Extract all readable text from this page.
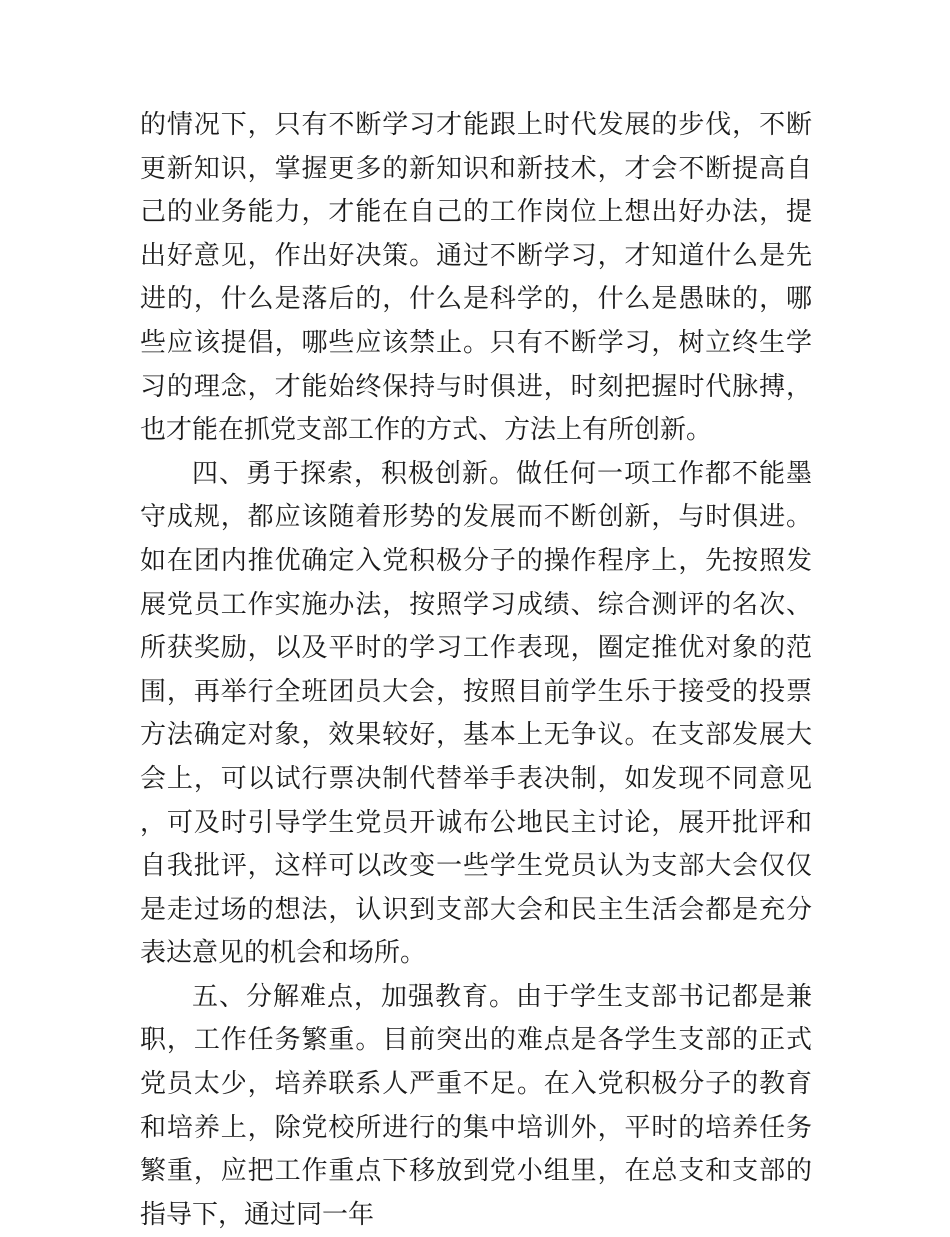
的情况下，只有不断学习才能跟上时代发展的步伐，不断更新知识，掌握更多的新知识和新技术，才会不断提高自己的业务能力，才能在自己的工作岗位上想出好办法，提出好意见，作出好决策。通过不断学习，才知道什么是先进的，什么是落后的，什么是科学的，什么是愚昧的，哪些应该提倡，哪些应该禁止。只有不断学习，树立终生学习的理念，才能始终保持与时俱进，时刻把握时代脉搏，也才能在抓党支部工作的方式、方法上有所创新。

四、勇于探索，积极创新。做任何一项工作都不能墨守成规，都应该随着形势的发展而不断创新，与时俱进。如在团内推优确定入党积极分子的操作程序上，先按照发展党员工作实施办法，按照学习成绩、综合测评的名次、所获奖励，以及平时的学习工作表现，圈定推优对象的范围，再举行全班团员大会，按照目前学生乐于接受的投票方法确定对象，效果较好，基本上无争议。在支部发展大会上，可以试行票决制代替举手表决制，如发现不同意见，可及时引导学生党员开诚布公地民主讨论，展开批评和自我批评，这样可以改变一些学生党员认为支部大会仅仅是走过场的想法，认识到支部大会和民主生活会都是充分表达意见的机会和场所。

五、分解难点，加强教育。由于学生支部书记都是兼职，工作任务繁重。目前突出的难点是各学生支部的正式党员太少，培养联系人严重不足。在入党积极分子的教育和培养上，除党校所进行的集中培训外，平时的培养任务繁重，应把工作重点下移放到党小组里，在总支和支部的指导下，通过同一年
